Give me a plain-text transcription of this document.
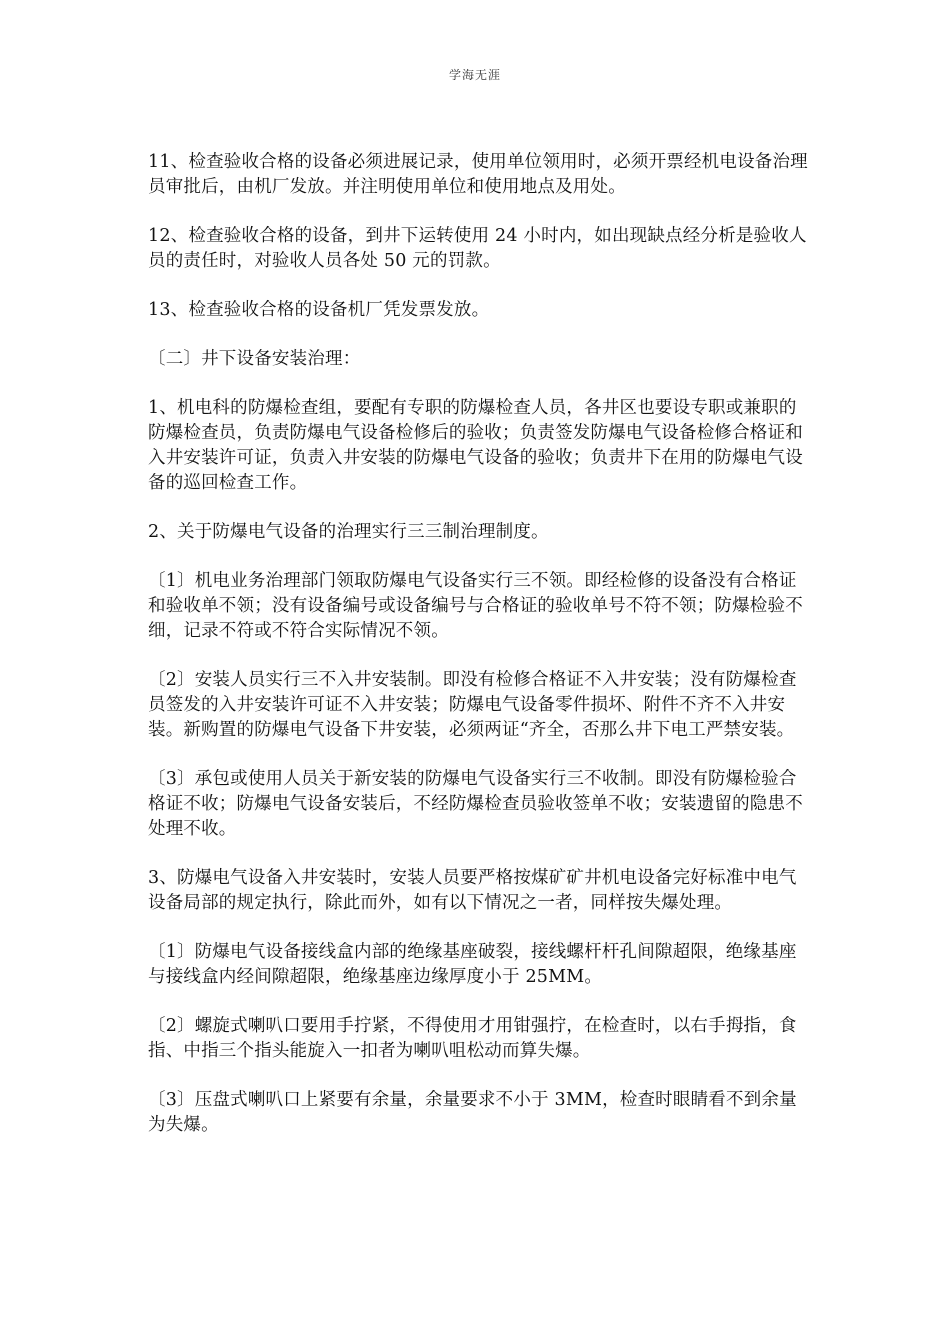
学海无涯

11、检查验收合格的设备必须进展记录，使用单位领用时，必须开票经机电设备治理员审批后，由机厂发放。并注明使用单位和使用地点及用处。

12、检查验收合格的设备，到井下运转使用 24 小时内，如出现缺点经分析是验收人员的责任时，对验收人员各处 50 元的罚款。

13、检查验收合格的设备机厂凭发票发放。

〔二〕井下设备安装治理：

1、机电科的防爆检查组，要配有专职的防爆检查人员，各井区也要设专职或兼职的防爆检查员，负责防爆电气设备检修后的验收；负责签发防爆电气设备检修合格证和入井安装许可证，负责入井安装的防爆电气设备的验收；负责井下在用的防爆电气设备的巡回检查工作。

2、关于防爆电气设备的治理实行三三制治理制度。

〔1〕机电业务治理部门领取防爆电气设备实行三不领。即经检修的设备没有合格证和验收单不领；没有设备编号或设备编号与合格证的验收单号不符不领；防爆检验不细，记录不符或不符合实际情况不领。

〔2〕安装人员实行三不入井安装制。即没有检修合格证不入井安装；没有防爆检查员签发的入井安装许可证不入井安装；防爆电气设备零件损坏、附件不齐不入井安装。新购置的防爆电气设备下井安装，必须两证“齐全，否那么井下电工严禁安装。

〔3〕承包或使用人员关于新安装的防爆电气设备实行三不收制。即没有防爆检验合格证不收；防爆电气设备安装后，不经防爆检查员验收签单不收；安装遗留的隐患不处理不收。

3、防爆电气设备入井安装时，安装人员要严格按煤矿矿井机电设备完好标准中电气设备局部的规定执行，除此而外，如有以下情况之一者，同样按失爆处理。

〔1〕防爆电气设备接线盒内部的绝缘基座破裂，接线螺杆杆孔间隙超限，绝缘基座与接线盒内经间隙超限，绝缘基座边缘厚度小于 25MM。

〔2〕螺旋式喇叭口要用手拧紧，不得使用才用钳强拧，在检查时，以右手拇指，食指、中指三个指头能旋入一扣者为喇叭咀松动而算失爆。

〔3〕压盘式喇叭口上紧要有余量，余量要求不小于 3MM，检查时眼睛看不到余量为失爆。
